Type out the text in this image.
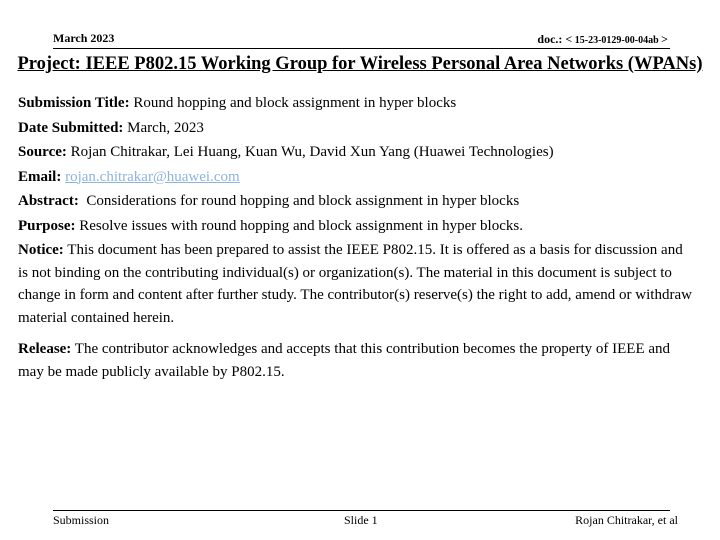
March 2023	doc.: < 15-23-0129-00-04ab >
Project: IEEE P802.15 Working Group for Wireless Personal Area Networks (WPANs)

Submission Title: Round hopping and block assignment in hyper blocks

Date Submitted: March, 2023

Source: Rojan Chitrakar, Lei Huang, Kuan Wu, David Xun Yang (Huawei Technologies)

Email: rojan.chitrakar@huawei.com

Abstract:  Considerations for round hopping and block assignment in hyper blocks

Purpose: Resolve issues with round hopping and block assignment in hyper blocks.

Notice: This document has been prepared to assist the IEEE P802.15. It is offered as a basis for discussion and is not binding on the contributing individual(s) or organization(s). The material in this document is subject to change in form and content after further study. The contributor(s) reserve(s) the right to add, amend or withdraw material contained herein.

Release: The contributor acknowledges and accepts that this contribution becomes the property of IEEE and may be made publicly available by P802.15.

Submission	Slide 1	Rojan Chitrakar, et al
